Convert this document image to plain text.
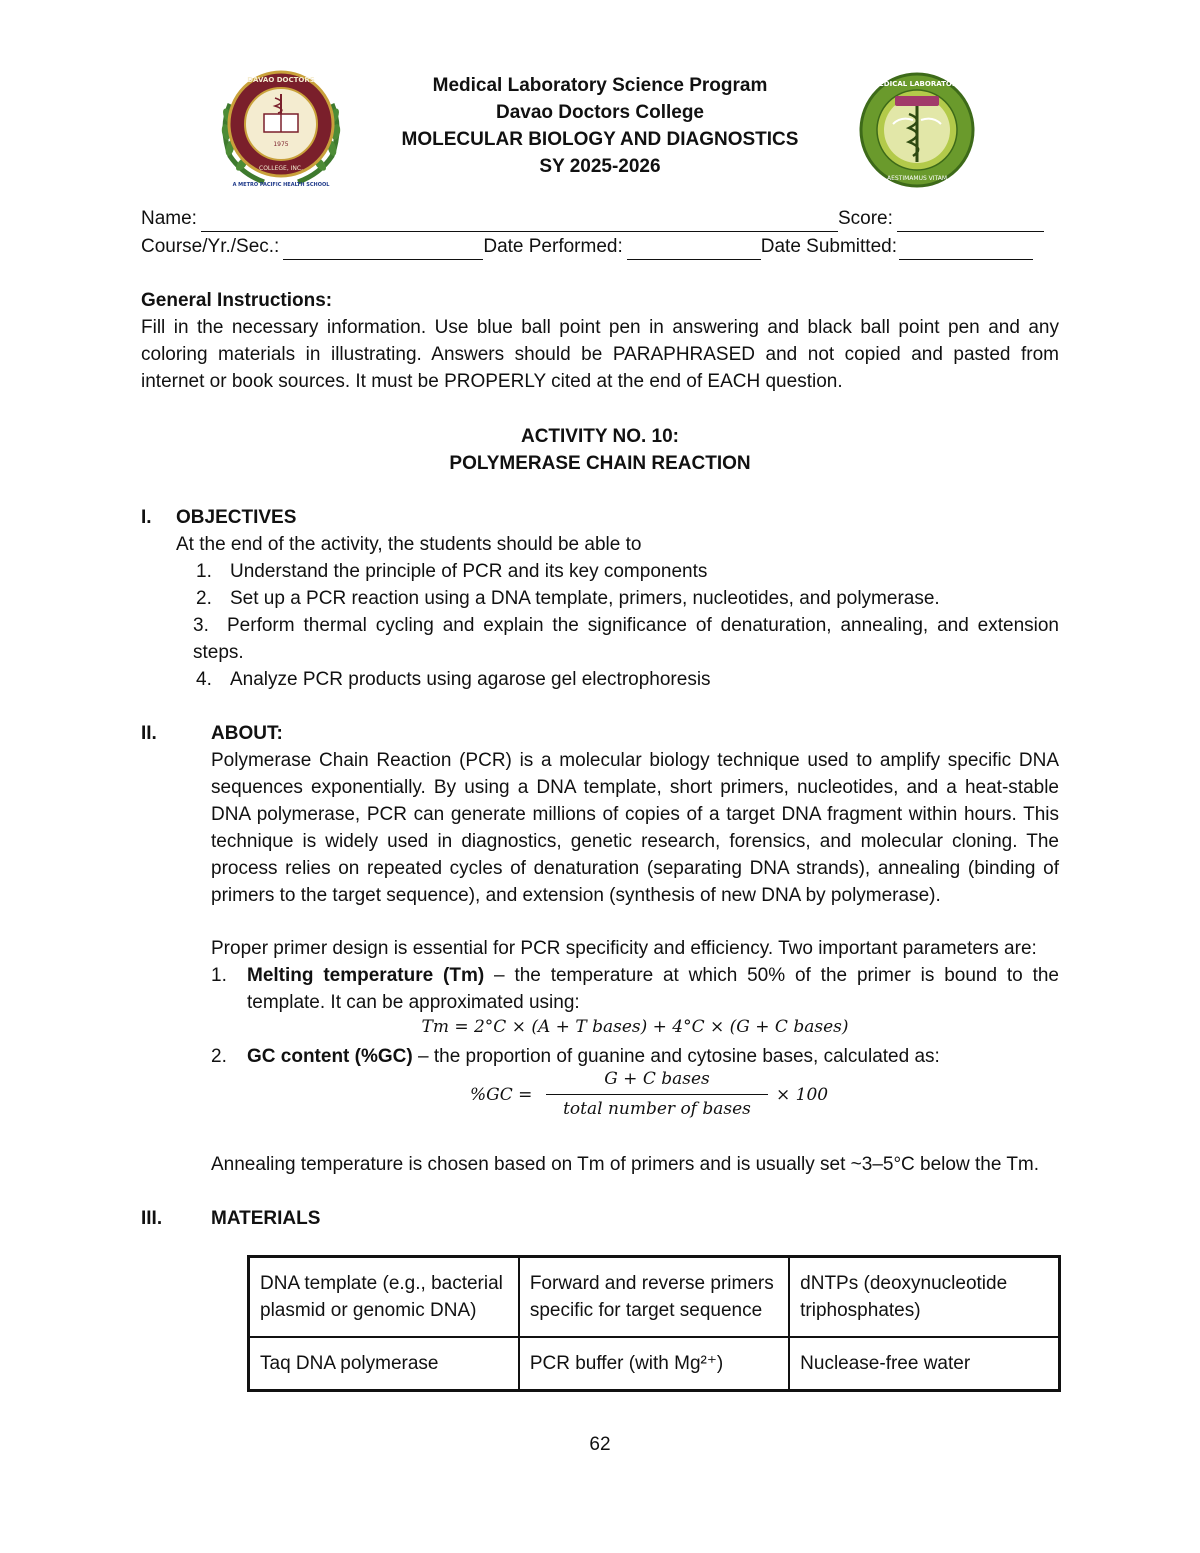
1975
DAVAO DOCTORS
COLLEGE, INC.
A METRO PACIFIC HEALTH SCHOOL
MEDICAL LABORATORY
AESTIMAMUS VITAM
Medical Laboratory Science Program
Davao Doctors College
MOLECULAR BIOLOGY AND DIAGNOSTICS
SY 2025-2026
Name:	Score:
Course/Yr./Sec.:	Date Performed:	Date Submitted:
General Instructions:
Fill in the necessary information. Use blue ball point pen in answering and black ball point pen and any coloring materials in illustrating. Answers should be PARAPHRASED and not copied and pasted from internet or book sources. It must be PROPERLY cited at the end of EACH question.
ACTIVITY NO. 10:
POLYMERASE CHAIN REACTION
I. OBJECTIVES
At the end of the activity, the students should be able to
1. Understand the principle of PCR and its key components
2. Set up a PCR reaction using a DNA template, primers, nucleotides, and polymerase.
3. Perform thermal cycling and explain the significance of denaturation, annealing, and extension steps.
4. Analyze PCR products using agarose gel electrophoresis
II.	ABOUT:
Polymerase Chain Reaction (PCR) is a molecular biology technique used to amplify specific DNA sequences exponentially. By using a DNA template, short primers, nucleotides, and a heat-stable DNA polymerase, PCR can generate millions of copies of a target DNA fragment within hours. This technique is widely used in diagnostics, genetic research, forensics, and molecular cloning. The process relies on repeated cycles of denaturation (separating DNA strands), annealing (binding of primers to the target sequence), and extension (synthesis of new DNA by polymerase).
Proper primer design is essential for PCR specificity and efficiency. Two important parameters are:
1. Melting temperature (Tm) – the temperature at which 50% of the primer is bound to the template. It can be approximated using:
Tm = 2°C × (A + T bases) + 4°C × (G + C bases)
2. GC content (%GC) – the proportion of guanine and cytosine bases, calculated as:
%GC =
G + C bases
total number of bases
× 100
Annealing temperature is chosen based on Tm of primers and is usually set ~3–5°C below the Tm.
III.	MATERIALS
DNA template (e.g., bacterial plasmid or genomic DNA)	Forward and reverse primers specific for target sequence	dNTPs (deoxynucleotide triphosphates)
Taq DNA polymerase	PCR buffer (with Mg²⁺)	Nuclease-free water
62
